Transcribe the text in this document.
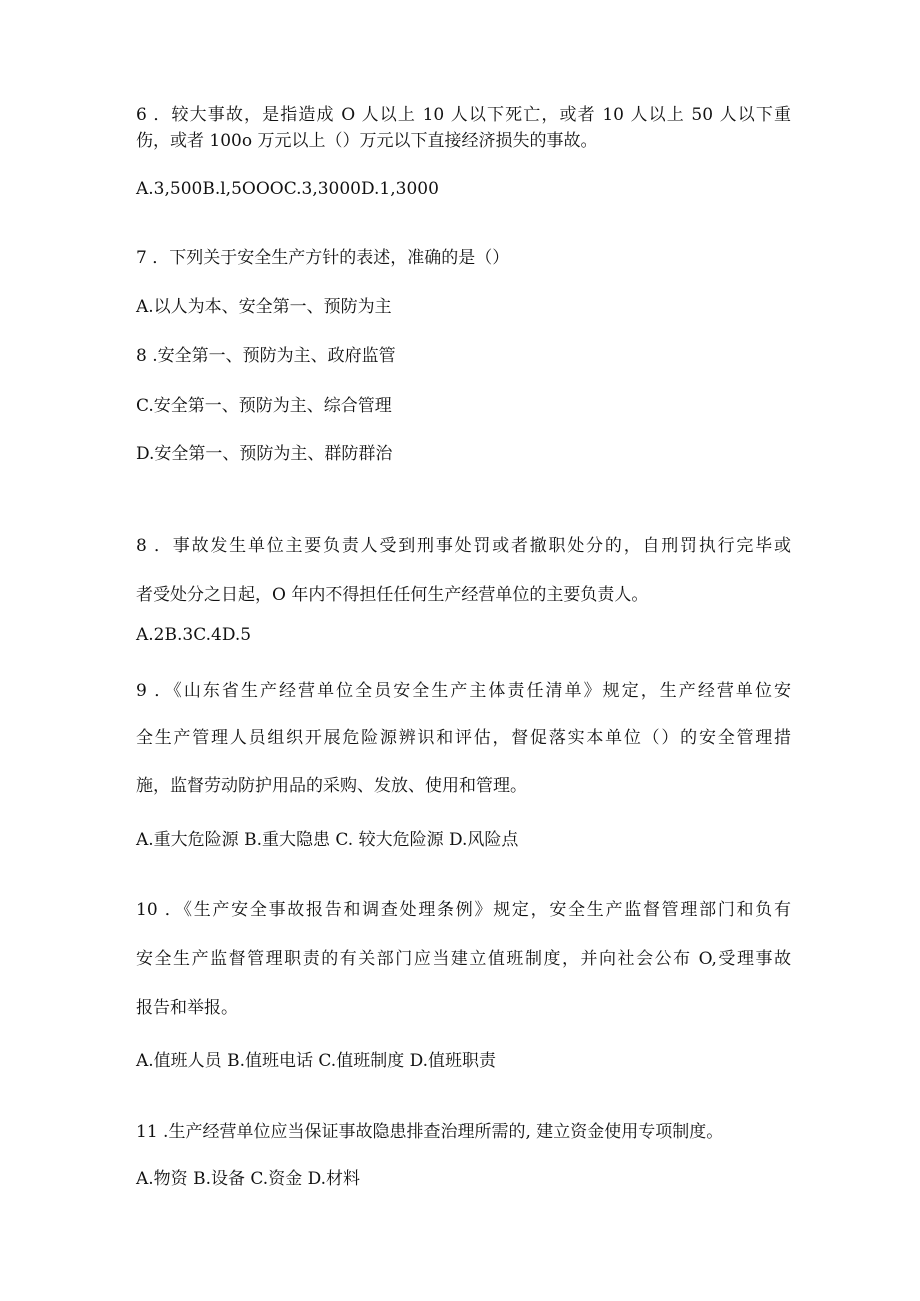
6 ．较大事故，是指造成 O 人以上 10 人以下死亡，或者 10 人以上 50 人以下重
伤，或者 100o 万元以上（）万元以下直接经济损失的事故。
A.3,500B.l,5OOOC.3,3000D.1,3000
7 ．下列关于安全生产方针的表述，准确的是（）
A.以人为本、安全第一、预防为主
8 .安全第一、预防为主、政府监管
C.安全第一、预防为主、综合管理
D.安全第一、预防为主、群防群治
8 ．事故发生单位主要负责人受到刑事处罚或者撤职处分的，自刑罚执行完毕或
者受处分之日起，O 年内不得担任任何生产经营单位的主要负责人。
A.2B.3C.4D.5
9 ．《山东省生产经营单位全员安全生产主体责任清单》规定，生产经营单位安
全生产管理人员组织开展危险源辨识和评估，督促落实本单位（）的安全管理措
施，监督劳动防护用品的采购、发放、使用和管理。
A.重大危险源 B.重大隐患 C. 较大危险源 D.风险点
10 ．《生产安全事故报告和调查处理条例》规定，安全生产监督管理部门和负有
安全生产监督管理职责的有关部门应当建立值班制度，并向社会公布 O,受理事故
报告和举报。
A.值班人员 B.值班电话 C.值班制度 D.值班职责
11 .生产经营单位应当保证事故隐患排查治理所需的, 建立资金使用专项制度。
A.物资 B.设备 C.资金 D.材料
